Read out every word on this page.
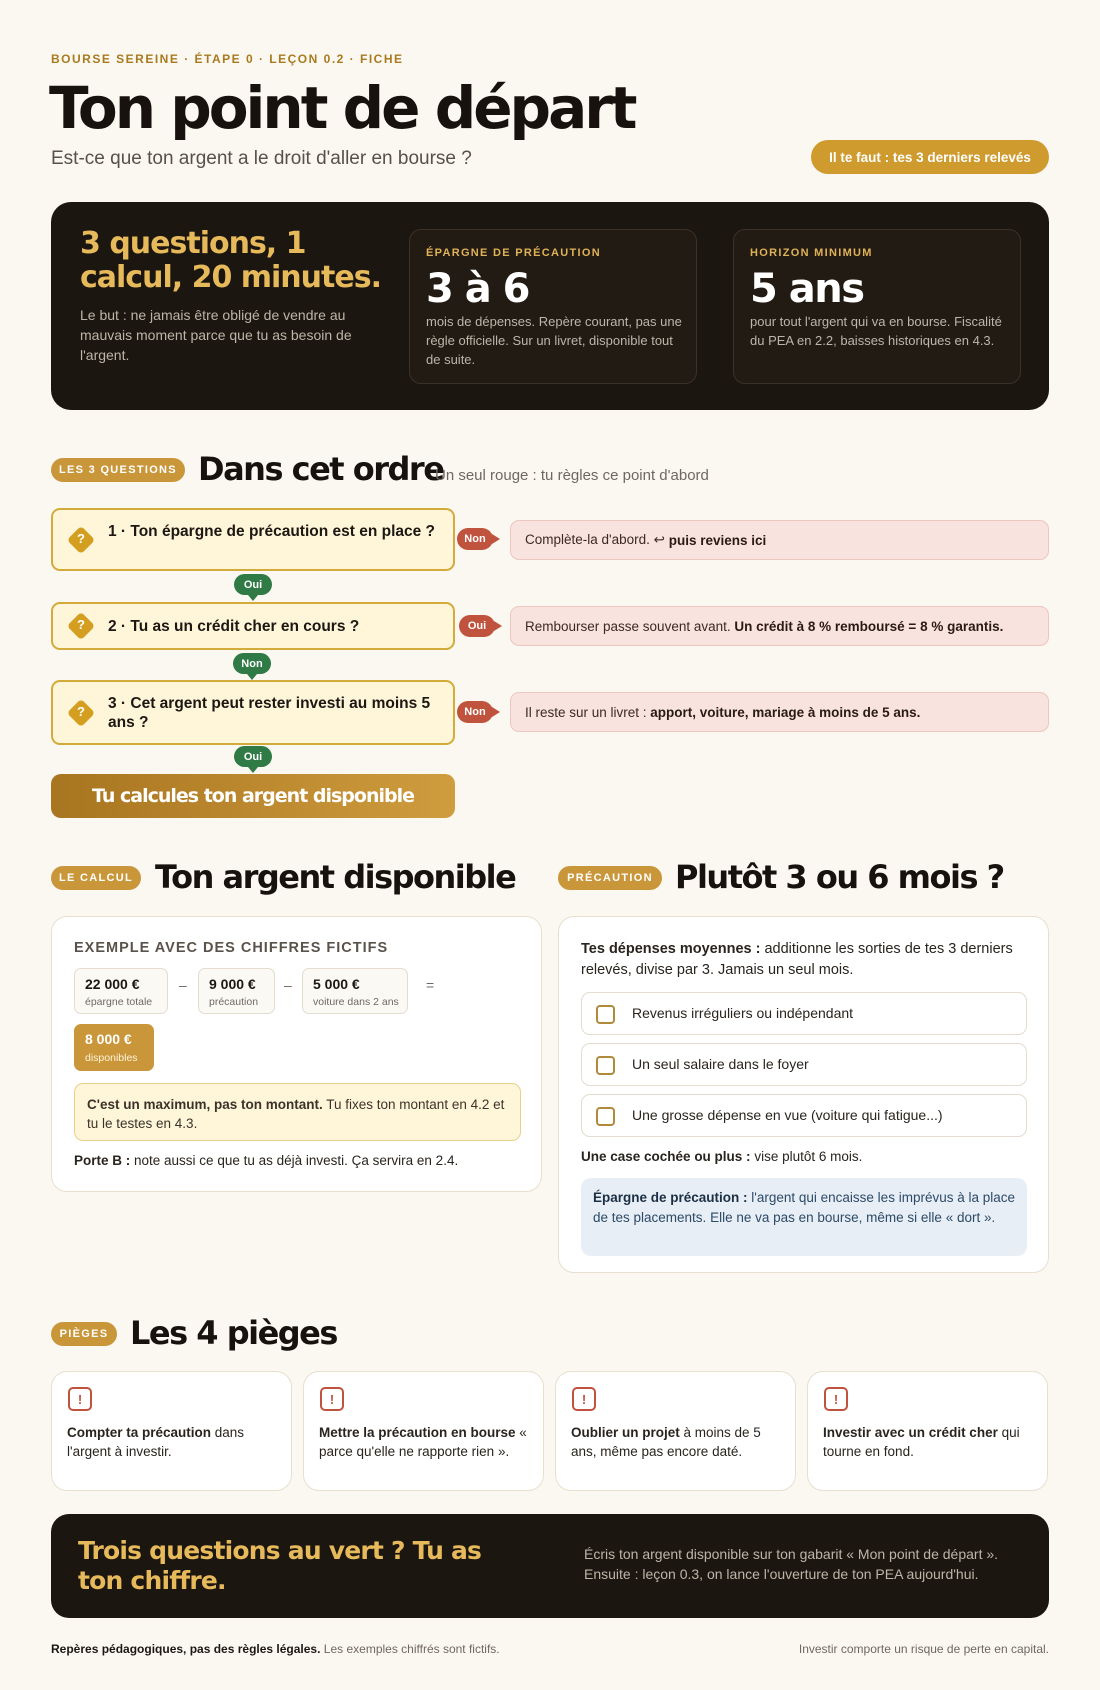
BOURSE SEREINE · ÉTAPE 0 · LEÇON 0.2 · FICHE
Ton point de départ
Est-ce que ton argent a le droit d'aller en bourse ?	Il te faut : tes 3 derniers relevés
3 questions, 1 calcul, 20 minutes.
Le but : ne jamais être obligé de vendre au mauvais moment parce que tu as besoin de l'argent.
ÉPARGNE DE PRÉCAUTION
3 à 6
mois de dépenses. Repère courant, pas une règle officielle. Sur un livret, disponible tout de suite.
HORIZON MINIMUM
5 ans
pour tout l'argent qui va en bourse. Fiscalité du PEA en 2.2, baisses historiques en 4.3.
LES 3 QUESTIONS Dans cet ordre
Un seul rouge : tu règles ce point d'abord
?	1 · Ton épargne de précaution est en place ?	Non	Complète-la d'abord. ↩ puis reviens ici
Oui
?	2 · Tu as un crédit cher en cours ?	Oui	Rembourser passe souvent avant. Un crédit à 8 % remboursé = 8 % garantis.
Non
?	3 · Cet argent peut rester investi au moins 5 ans ?
Non	Il reste sur un livret : apport, voiture, mariage à moins de 5 ans.
Oui
Tu calcules ton argent disponible
LE CALCUL Ton argent disponible
EXEMPLE AVEC DES CHIFFRES FICTIFS
22 000 €
épargne totale
– 9 000 €
précaution
– 5 000 €
voiture dans 2 ans
=
8 000 €
disponibles
C'est un maximum, pas ton montant. Tu fixes ton montant en 4.2 et tu le testes en 4.3.
Porte B : note aussi ce que tu as déjà investi. Ça servira en 2.4.
PRÉCAUTION Plutôt 3 ou 6 mois ?
Tes dépenses moyennes : additionne les sorties de tes 3 derniers relevés, divise par 3. Jamais un seul mois.
Revenus irréguliers ou indépendant
Un seul salaire dans le foyer
Une grosse dépense en vue (voiture qui fatigue...)
Une case cochée ou plus : vise plutôt 6 mois.
Épargne de précaution : l'argent qui encaisse les imprévus à la place de tes placements. Elle ne va pas en bourse, même si elle « dort ».
PIÈGES Les 4 pièges
!
Compter ta précaution dans l'argent à investir.
!
Mettre la précaution en bourse « parce qu'elle ne rapporte rien ».
!
Oublier un projet à moins de 5 ans, même pas encore daté.
!
Investir avec un crédit cher qui tourne en fond.
Trois questions au vert ? Tu as ton chiffre.
Écris ton argent disponible sur ton gabarit « Mon point de départ ». Ensuite : leçon 0.3, on lance l'ouverture de ton PEA aujourd'hui.
Repères pédagogiques, pas des règles légales. Les exemples chiffrés sont fictifs.	Investir comporte un risque de perte en capital.
